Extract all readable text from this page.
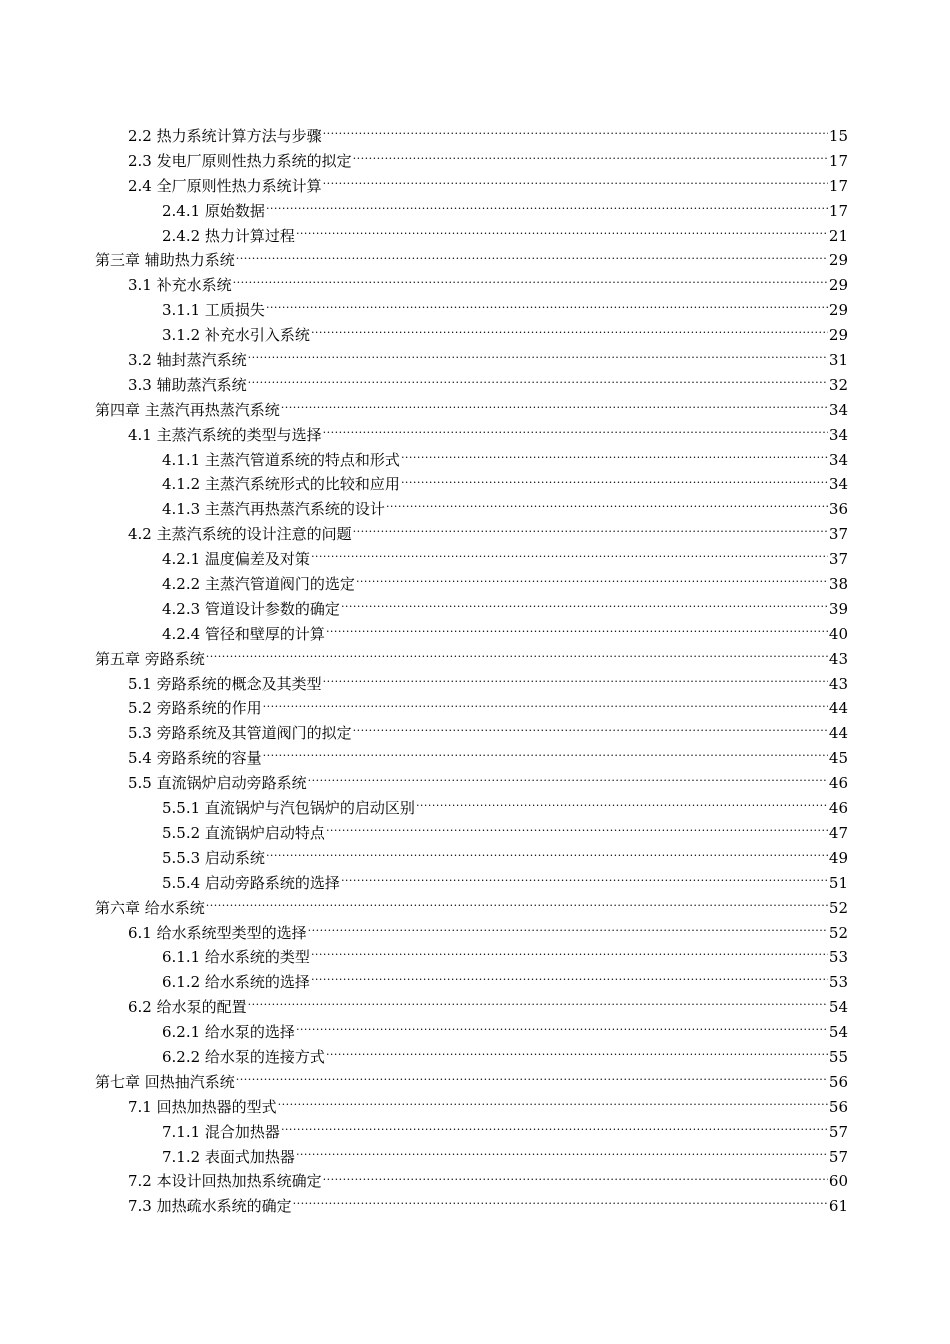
2.2 热力系统计算方法与步骤 .....	15
2.3 发电厂原则性热力系统的拟定 .....	17
2.4 全厂原则性热力系统计算 .....	17
2.4.1 原始数据 .....	17
2.4.2 热力计算过程 .....	21
第三章 辅助热力系统 .....	29
3.1 补充水系统 .....	29
3.1.1 工质损失 .....	29
3.1.2 补充水引入系统 .....	29
3.2 轴封蒸汽系统 .....	31
3.3 辅助蒸汽系统 .....	32
第四章 主蒸汽再热蒸汽系统 .....	34
4.1 主蒸汽系统的类型与选择 .....	34
4.1.1 主蒸汽管道系统的特点和形式 .....	34
4.1.2 主蒸汽系统形式的比较和应用 .....	34
4.1.3 主蒸汽再热蒸汽系统的设计 .....	36
4.2 主蒸汽系统的设计注意的问题 .....	37
4.2.1 温度偏差及对策 .....	37
4.2.2 主蒸汽管道阀门的选定 .....	38
4.2.3 管道设计参数的确定 .....	39
4.2.4 管径和壁厚的计算 .....	40
第五章 旁路系统 .....	43
5.1 旁路系统的概念及其类型 .....	43
5.2 旁路系统的作用 .....	44
5.3 旁路系统及其管道阀门的拟定 .....	44
5.4 旁路系统的容量 .....	45
5.5 直流锅炉启动旁路系统 .....	46
5.5.1 直流锅炉与汽包锅炉的启动区别 .....	46
5.5.2 直流锅炉启动特点 .....	47
5.5.3 启动系统 .....	49
5.5.4 启动旁路系统的选择 .....	51
第六章 给水系统 .....	52
6.1 给水系统型类型的选择 .....	52
6.1.1 给水系统的类型 .....	53
6.1.2 给水系统的选择 .....	53
6.2 给水泵的配置 .....	54
6.2.1 给水泵的选择 .....	54
6.2.2 给水泵的连接方式 .....	55
第七章 回热抽汽系统 .....	56
7.1 回热加热器的型式 .....	56
7.1.1 混合加热器 .....	57
7.1.2 表面式加热器 .....	57
7.2 本设计回热加热系统确定 .....	60
7.3 加热疏水系统的确定 .....	61
